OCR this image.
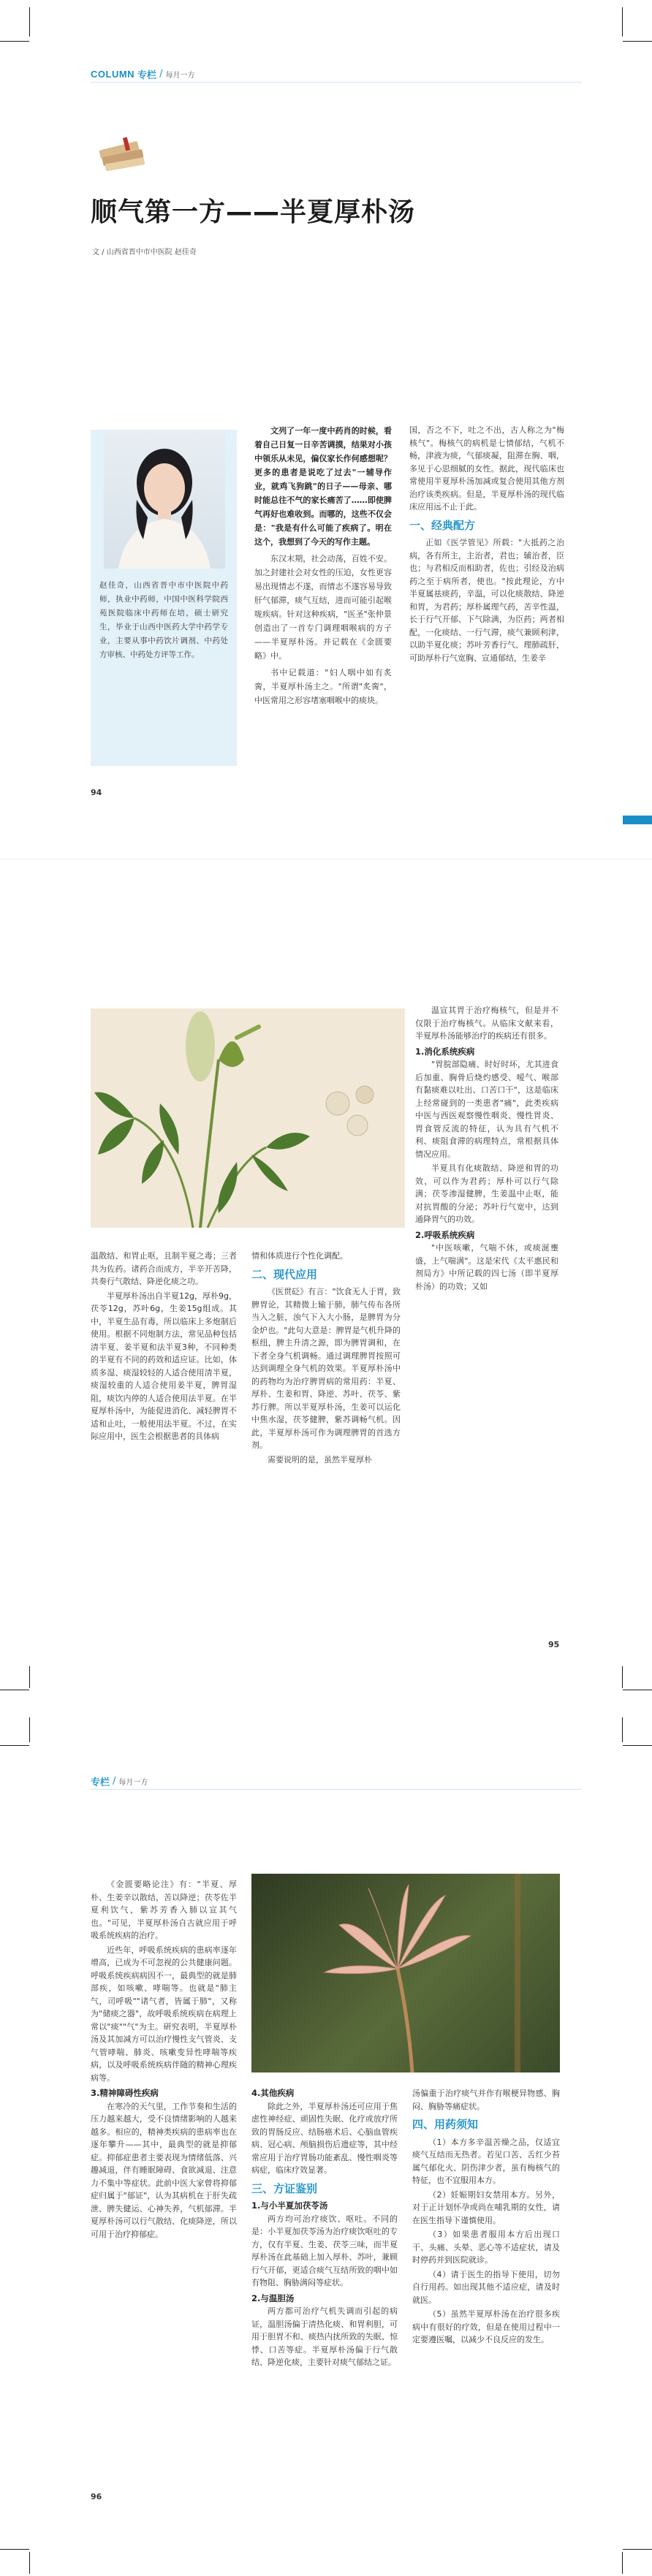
COLUMN 专栏 / 每月一方
顺气第一方——半夏厚朴汤
文 / 山西省晋中市中医院 赵佳奇

文列了一年一度中药肖的时候，看着自己日复一日辛苦调摸，结果对小孩中领乐从未见，偏仪家长作何感想呢？更多的患者是说吃了过去"一辅导作业，就鸡飞狗跳"的日子——母亲、哪时能总往不气的家长痛苦了……即使脾气再好也难收到。而哪的，这些不仅会是："我是有什么可能了疾病了。明在这个，我想到了今天的写作主题。

东汉末期，社会动荡，百姓不安。加之封建社会对女性的压迫，女性更容易出现情志不遂，而情志不遂容易导致肝气郁滞，痰气互结，进而可能引起喉咙疾病。针对这种疾病，"医圣"张仲景创造出了一首专门调理咽喉病的方子——半夏厚朴汤。并记载在《金匮要略》中。

书中记载道："妇人咽中如有炙脔，半夏厚朴汤主之。"所谓"炙脔"，中医常用之形容堵塞咽喉中的痰块。

赵佳奇，山西省晋中市中医院中药师，执业中药师，中国中医科学院西苑医院临床中药师在培，硕士研究生，毕业于山西中医药大学中药学专业，主要从事中药饮片调剂、中药处方审核、中药处方评等工作。

国，否之不下，吐之不出，古人称之为"梅核气"。梅核气的病机是七情郁结，气机不畅，津液为痰，气郁痰凝，阻滞在胸、咽，多见于心思细腻的女性。据此，现代临床也常使用半夏厚朴汤加减或复合使用其他方剂治疗该类疾病。但是，半夏厚朴汤的现代临床应用远不止于此。

一、经典配方

正如《医学管见》所载："大抵药之治病，各有所主，主治者，君也；辅治者，臣也；与君相反而相助者，佐也；引经及治病药之至于病所者，使也。"按此理论，方中半夏属祛痰药，辛温，可以化痰散结、降逆和胃，为君药；厚朴属理气药，苦辛性温，长于行气开郁、下气除满，为臣药；两者相配，一化痰结、一行气滞，痰气兼顾利津，以助半夏化痰；苏叶芳香行气、理肺疏肝，可助厚朴行气宽胸、宣通郁结，生姜辛

94

温宣其胃于治疗梅核气，但是并不仅限于治疗梅核气。从临床文献来看，半夏厚朴汤能够治疗的疾病还有很多。

1.消化系统疾病

"胃脘部隐痛、时好时坏，尤其进食后加重、胸骨后烧灼感受、嗳气、喉部有黏痰难以吐出、口苦口干"，这是临床上经常碰到的一类患者"痛"，此类疾病中医与西医观察慢性咽炎、慢性胃炎、胃食管反流的特征，认为具有气机不利、痰阻食滞的病理特点，常根据具体情况应用。

半夏具有化痰散结、降逆和胃的功效，可以作为君药；厚朴可以行气除满；茯苓渗湿健脾，生姜温中止呕，能对抗胃酸的分泌；苏叶行气宽中，达到通降胃气的功效。

2.呼吸系统疾病

"中医咳嗽，气喘不休，或痰涎壅盛，上气喘满"。这是宋代《太平惠民和剂局方》中所记载的四七汤（即半夏厚朴汤）的功效；又如

温散结、和胃止呕，且制半夏之毒；三者共为佐药。诸药合而成方，半辛开苦降，共奏行气散结、降逆化痰之功。

半夏厚朴汤出自半夏12g，厚朴9g，茯苓12g，苏叶6g，生姜15g组成。其中，半夏生品有毒，所以临床上多炮制后使用。根据不同炮制方法，常见品种包括清半夏、姜半夏和法半夏3种，不同种类的半夏有不同的药效和适应证。比如，体质多湿、痰湿较轻的人适合使用清半夏，痰湿较重的人适合使用姜半夏，脾胃湿阻，痰饮内停的人适合使用法半夏。在半夏厚朴汤中，为能促进消化、减轻脾胃不适和止吐，一般使用法半夏。不过，在实际应用中，医生会根据患者的具体病

情和体质进行个性化调配。

二、现代应用

《医贯砭》有言："饮食无人于胃，致脾胃论，其精微上输于肺，肺气传布各所当入之脏，浊气下入大小肠，是脾胃为分金炉也。"此句大意是：脾胃是气机升降的枢纽，脾主升清之源，即为脾胃调和，在下者全身气机调畅。通过调理脾胃按照可达到调理全身气机的效果。半夏厚朴汤中的药物均为治疗脾胃病的常用药：半夏、厚朴、生姜和胃、降逆、苏叶、茯苓、紫苏行脾。所以半夏厚朴汤，生姜可以运化中焦水湿，茯苓健脾，紫苏调畅气机。因此，半夏厚朴汤可作为调理脾胃的首选方剂。

需要说明的是，虽然半夏厚朴

95
专栏 / 每月一方

《金匮要略论注》有："半夏、厚朴、生姜辛以散结，苦以降逆；茯苓佐半夏利饮气，紫苏芳香入肺以宣其气也。"可见，半夏厚朴汤自古就应用于呼吸系统疾病的治疗。

近些年，呼吸系统疾病的患病率逐年增高，已成为不可忽视的公共健康问题。呼吸系统疾病病因不一，最典型的就是肺部疾，如咳嗽、哮喘等。也就是"肺主气，司呼吸""诸气者，皆属于肺"，又称为"储痰之器"，故呼吸系统疾病在病理上常以"痰""气"为主。研究表明，半夏厚朴汤及其加减方可以治疗慢性支气管炎、支气管哮喘、肺炎、咳嗽变异性哮喘等疾病，以及呼吸系统疾病伴随的精神心理疾病等。

3.精神障碍性疾病

在寒冷的天气里，工作节奏和生活的压力越来越大，受不良情绪影响的人越来越多。相应的，精神类疾病的患病率也在逐年攀升——其中，最典型的就是抑郁症。抑郁症患者主要表现为情绪低落、兴趣减退，伴有睡眠障碍、食欲减退、注意力不集中等症状。此前中医大家曾将抑郁症归属于"郁证"，认为其病机在于肝失疏泄、脾失健运、心神失养，气机郁滞。半夏厚朴汤可以行气散结、化痰降逆，所以可用于治疗抑郁症。

4.其他疾病

除此之外，半夏厚朴汤还可应用于焦虑性神经症、顽固性失眠、化疗或放疗所致的胃肠反应、结肠癌术后、心脑血管疾病、冠心病、颅脑损伤后遗症等，其中经常应用于治疗胃肠功能紊乱、慢性咽炎等病症，临床疗效显著。

三、方证鉴别
1.与小半夏加茯苓汤

两方均可治疗痰饮、呕吐。不同的是：小半夏加茯苓汤为治疗痰饮呕吐的专方，仅有半夏、生姜、茯苓三味，而半夏厚朴汤在此基础上加入厚朴、苏叶，兼顾行气开郁，更适合痰气互结所致的咽中如有物阻、胸胁满闷等症状。

2.与温胆汤

两方都可治疗气机失调而引起的病证，温胆汤偏于清热化痰、和胃利胆，可用于胆胃不和、痰热内扰所致的失眠、惊悸、口苦等症。半夏厚朴汤偏于行气散结、降逆化痰，主要针对痰气郁结之证。

汤偏重于治疗痰气并作有喉梗异物感、胸闷、胸胁等痛症状。

四、用药须知

（1）本方多辛温苦燥之品，仅适宜痰气互结而无热者。若见口苦、舌红少苔属气郁化火、阴伤津少者，虽有梅核气的特征，也不宜服用本方。

（2）妊娠期妇女禁用本方。另外，对于正计划怀孕或尚在哺乳期的女性，请在医生指导下谨慎使用。

（3）如果患者服用本方后出现口干、头痛、头晕、恶心等不适症状，请及时停药并到医院就诊。

（4）请于医生的指导下使用，切勿自行用药。如出现其他不适应症，请及时就医。

（5）虽然半夏厚朴汤在治疗很多疾病中有很好的疗效，但是在使用过程中一定要遵医嘱，以减少不良反应的发生。

96
